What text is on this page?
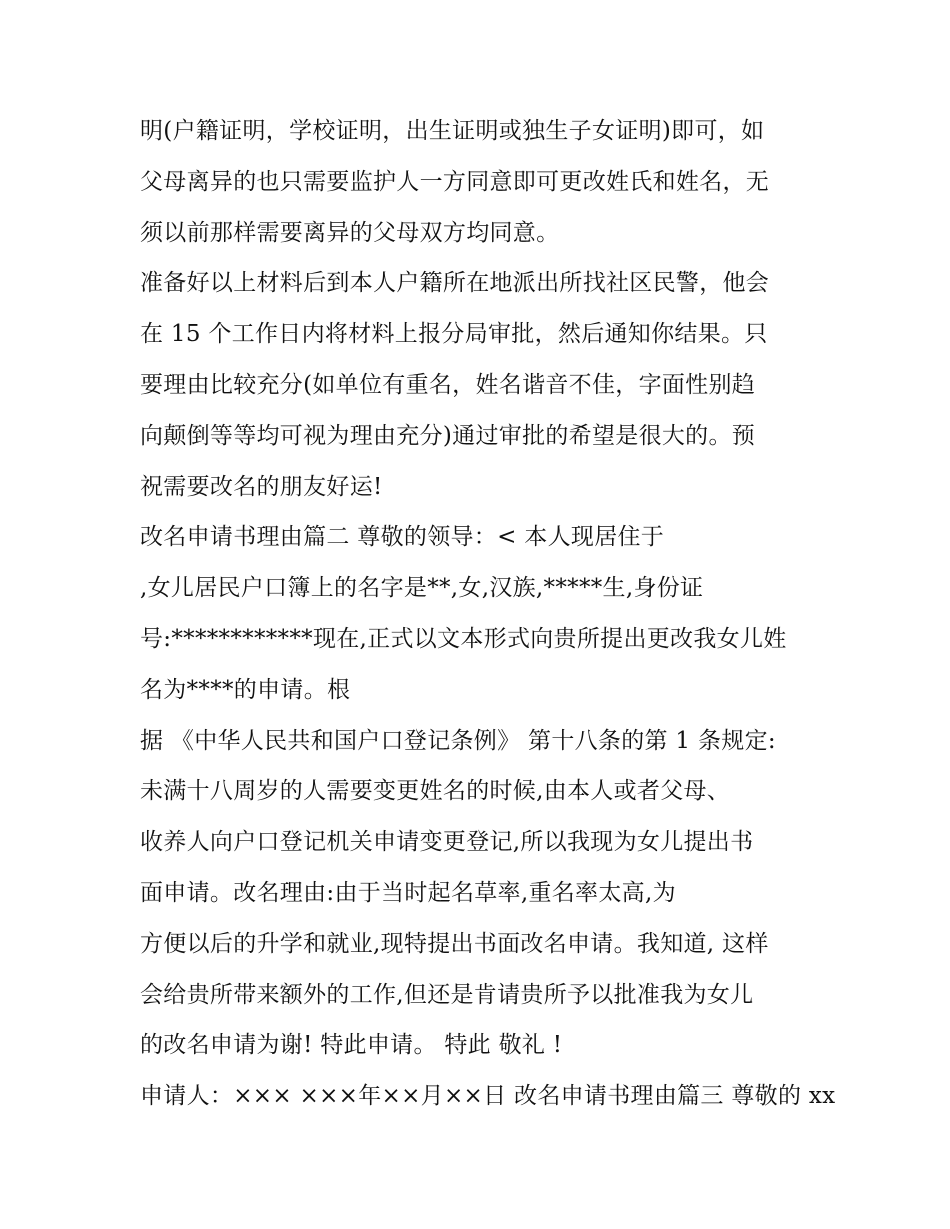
明(户籍证明，学校证明，出生证明或独生子女证明)即可，如
父母离异的也只需要监护人一方同意即可更改姓氏和姓名，无
须以前那样需要离异的父母双方均同意。
准备好以上材料后到本人户籍所在地派出所找社区民警，他会
在 15 个工作日内将材料上报分局审批，然后通知你结果。只
要理由比较充分(如单位有重名，姓名谐音不佳，字面性别趋
向颠倒等等均可视为理由充分)通过审批的希望是很大的。预
祝需要改名的朋友好运!
改名申请书理由篇二 尊敬的领导：< 本人现居住于
,女儿居民户口簿上的名字是**,女,汉族,*****生,身份证
号:************现在,正式以文本形式向贵所提出更改我女儿姓
名为****的申请。根
据 《中华人民共和国户口登记条例》 第十八条的第 1 条规定:
未满十八周岁的人需要变更姓名的时候,由本人或者父母、
收养人向户口登记机关申请变更登记,所以我现为女儿提出书
面申请。改名理由:由于当时起名草率,重名率太高,为
方便以后的升学和就业,现特提出书面改名申请。我知道, 这样
会给贵所带来额外的工作,但还是肯请贵所予以批准我为女儿
的改名申请为谢! 特此申请。 特此 敬礼 !
申请人：××× ×××年××月××日 改名申请书理由篇三 尊敬的 xx
